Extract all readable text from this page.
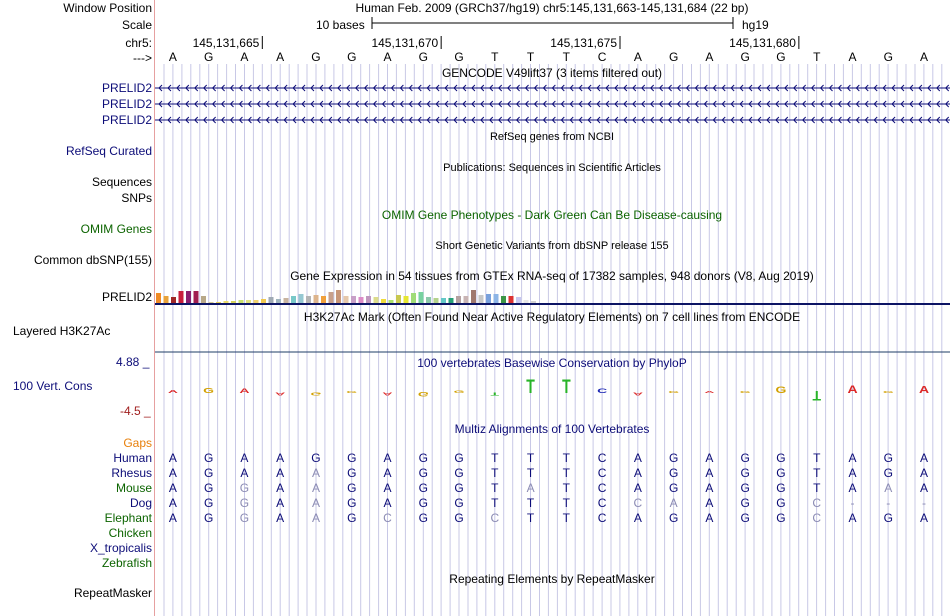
A G A A G G A G G T T T C A G A G G T A G A
Window Position
Scale
chr5:
--->
Human Feb. 2009 (GRCh37/hg19) chr5:145,131,663-145,131,684 (22 bp)
10 bases	hg19
145,131,665	145,131,670	145,131,675	145,131,680
A G A A G G A G G T T T C A G A G G T A G A
GENCODE V49lift37 (3 items filtered out)
PRELID2
PRELID2
PRELID2
RefSeq genes from NCBI
RefSeq Curated
Publications: Sequences in Scientific Articles
Sequences
SNPs
OMIM Gene Phenotypes - Dark Green Can Be Disease-causing
OMIM Genes
Short Genetic Variants from dbSNP release 155
Common dbSNP(155)
Gene Expression in 54 tissues from GTEx RNA-seq of 17382 samples, 948 donors (V8, Aug 2019)
PRELID2
H3K27Ac Mark (Often Found Near Active Regulatory Elements) on 7 cell lines from ENCODE
Layered H3K27Ac
100 vertebrates Basewise Conservation by PhyloP
4.88 _
100 Vert. Cons
-4.5 _
Multiz Alignments of 100 Vertebrates
Gaps
Human A G A A G G A G G T T T C A G A G G T A G A
Rhesus A G A A A G A G G T T T C A G A G G T A G A
Mouse A G G A A G A G G T A T C A G A G G T A A A
Dog A G G A A G A G G T T T C C A A G G C -	-	-
Elephant A G G A A G C G G C T T C A G A G G C A G A
Chicken
X_tropicalis
Zebrafish
Repeating Elements by RepeatMasker
RepeatMasker
